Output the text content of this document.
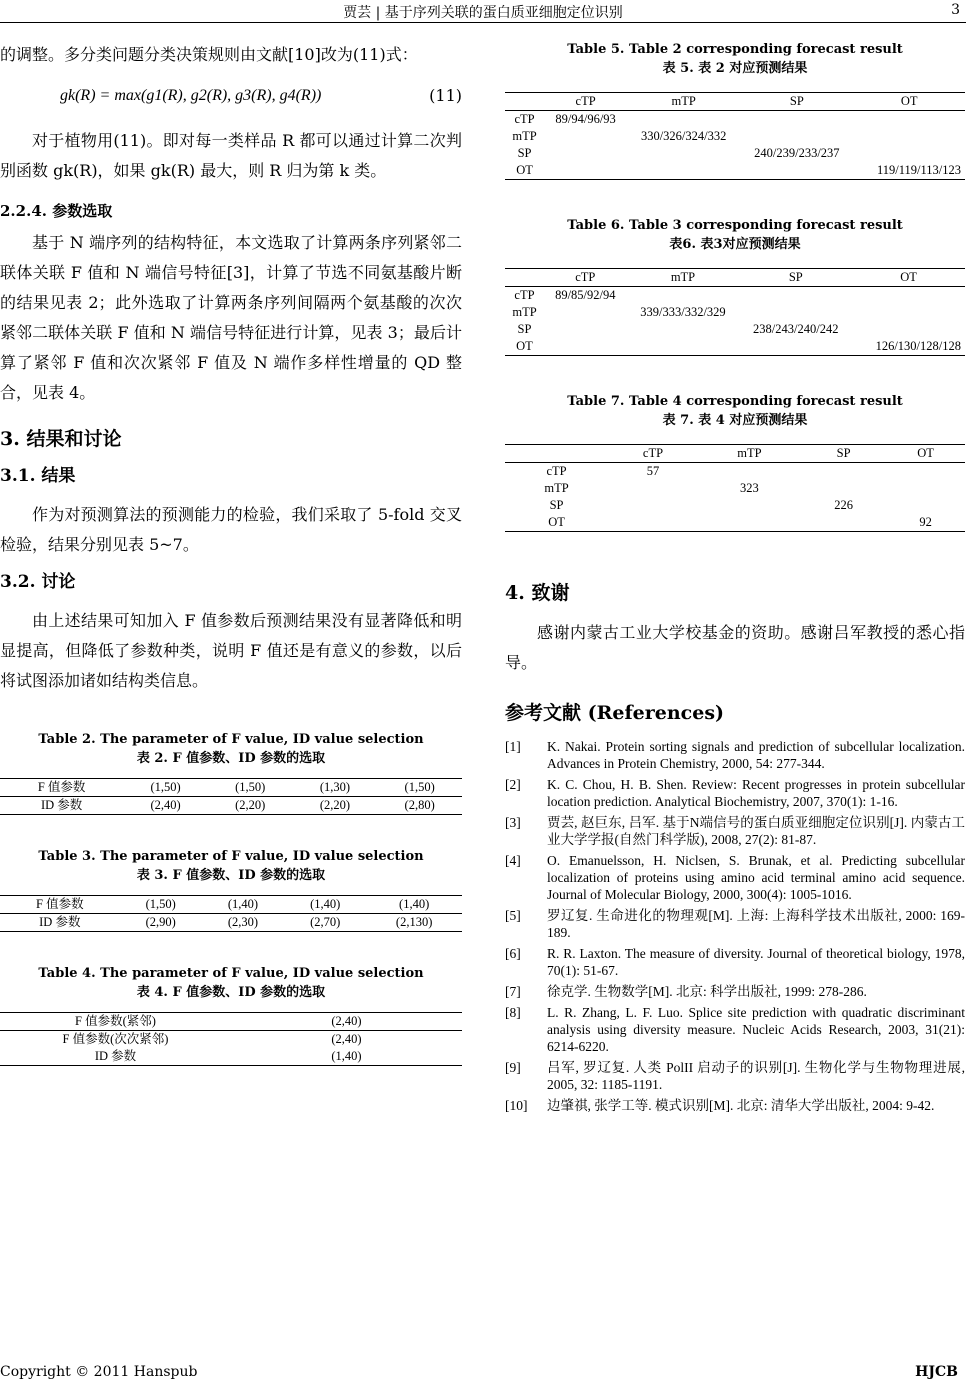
贾芸 | 基于序列关联的蛋白质亚细胞定位识别	3

的调整。多分类问题分类决策规则由文献[10]改为(11)式：

gk(R) = max(g1(R), g2(R), g3(R), g4(R))	(11)

对于植物用(11)。即对每一类样品 R 都可以通过计算二次判别函数 gk(R)，如果 gk(R) 最大，则 R 归为第 k 类。

2.2.4. 参数选取

基于 N 端序列的结构特征，本文选取了计算两条序列紧邻二联体关联 F 值和 N 端信号特征[3]，计算了节选不同氨基酸片断的结果见表 2；此外选取了计算两条序列间隔两个氨基酸的次次紧邻二联体关联 F 值和 N 端信号特征进行计算，见表 3；最后计算了紧邻 F 值和次次紧邻 F 值及 N 端作多样性增量的 QD 整合，见表 4。

3. 结果和讨论
3.1. 结果

作为对预测算法的预测能力的检验，我们采取了 5-fold 交叉检验，结果分别见表 5~7。

3.2. 讨论

由上述结果可知加入 F 值参数后预测结果没有显著降低和明显提高，但降低了参数种类，说明 F 值还是有意义的参数，以后将试图添加诸如结构类信息。

Table 2. The parameter of F value, ID value selection
表 2. F 值参数、ID 参数的选取
F 值参数	(1,50)	(1,50)	(1,30)	(1,50)
ID 参数	(2,40)	(2,20)	(2,20)	(2,80)
Table 3. The parameter of F value, ID value selection
表 3. F 值参数、ID 参数的选取
F 值参数	(1,50)	(1,40)	(1,40)	(1,40)
ID 参数	(2,90)	(2,30)	(2,70)	(2,130)
Table 4. The parameter of F value, ID value selection
表 4. F 值参数、ID 参数的选取
F 值参数(紧邻)	(2,40)
F 值参数(次次紧邻)	(2,40)
ID 参数	(1,40)
Table 5. Table 2 corresponding forecast result
表 5. 表 2 对应预测结果
	cTP	mTP	SP	OT
cTP	89/94/96/93			
mTP		330/326/324/332		
SP			240/239/233/237	
OT				119/119/113/123
Table 6. Table 3 corresponding forecast result
表6. 表3对应预测结果
	cTP	mTP	SP	OT
cTP	89/85/92/94			
mTP		339/333/332/329		
SP			238/243/240/242	
OT				126/130/128/128
Table 7. Table 4 corresponding forecast result
表 7. 表 4 对应预测结果
	cTP	mTP	SP	OT
cTP	57			
mTP		323		
SP			226	
OT				92
4. 致谢

感谢内蒙古工业大学校基金的资助。感谢吕军教授的悉心指导。

参考文献 (References)
[1] K. Nakai. Protein sorting signals and prediction of subcellular localization. Advances in Protein Chemistry, 2000, 54: 277-344.
[2] K. C. Chou, H. B. Shen. Review: Recent progresses in protein subcellular location prediction. Analytical Biochemistry, 2007, 370(1): 1-16.
[3] 贾芸, 赵巨东, 吕军. 基于N端信号的蛋白质亚细胞定位识别[J]. 内蒙古工业大学学报(自然门科学版), 2008, 27(2): 81-87.
[4] O. Emanuelsson, H. Niclsen, S. Brunak, et al. Predicting subcellular localization of proteins using amino acid terminal amino acid sequence. Journal of Molecular Biology, 2000, 300(4): 1005-1016.
[5] 罗辽复. 生命进化的物理观[M]. 上海: 上海科学技术出版社, 2000: 169-189.
[6] R. R. Laxton. The measure of diversity. Journal of theoretical biology, 1978, 70(1): 51-67.
[7] 徐克学. 生物数学[M]. 北京: 科学出版社, 1999: 278-286.
[8] L. R. Zhang, L. F. Luo. Splice site prediction with quadratic discriminant analysis using diversity measure. Nucleic Acids Research, 2003, 31(21): 6214-6220.
[9] 吕军, 罗辽复. 人类 PolII 启动子的识别[J]. 生物化学与生物物理进展, 2005, 32: 1185-1191.
[10] 边肇祺, 张学工等. 模式识别[M]. 北京: 清华大学出版社, 2004: 9-42.
Copyright © 2011 Hanspub	HJCB
